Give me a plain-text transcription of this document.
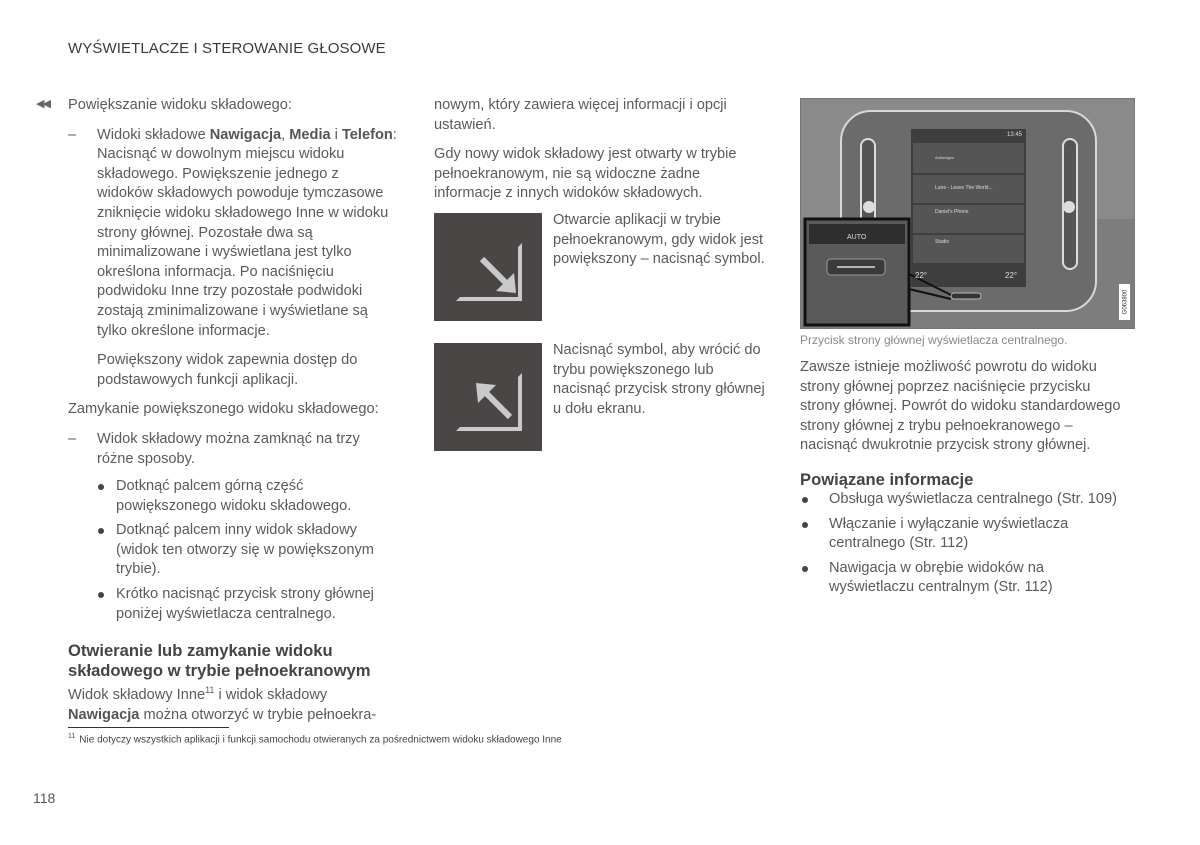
WYŚWIETLACZE I STEROWANIE GŁOSOWE
◀◀ Powiększanie widoku składowego:

– Widoki składowe Nawigacja, Media i Telefon: Nacisnąć w dowolnym miejscu widoku składowego. Powiększenie jednego z widoków składowych powoduje tymczasowe zniknięcie widoku składowego Inne w widoku strony głównej. Pozostałe dwa są minimalizowane i wyświetlana jest tylko określona informacja. Po naciśnięciu podwidoku Inne trzy pozostałe podwidoki zostają zminimalizowane i wyświetlane są tylko określone informacje.

Powiększony widok zapewnia dostęp do podstawowych funkcji aplikacji.

Zamykanie powiększonego widoku składowego:

– Widok składowy można zamknąć na trzy różne sposoby.
Dotknąć palcem górną część powiększonego widoku składowego.
Dotknąć palcem inny widok składowy (widok ten otworzy się w powiększonym trybie).
Krótko nacisnąć przycisk strony głównej poniżej wyświetlacza centralnego.
Otwieranie lub zamykanie widoku składowego w trybie pełnoekranowym
Widok składowy Inne$^{11}$ i widok składowy Nawigacja można otworzyć w trybie pełnoekra-

nowym, który zawiera więcej informacji i opcji ustawień.

Gdy nowy widok składowy jest otwarty w trybie pełnoekranowym, nie są widoczne żadne informacje z innych widoków składowych.

Otwarcie aplikacji w trybie pełnoekranowym, gdy widok jest powiększony – nacisnąć symbol.
Nacisnąć symbol, aby wrócić do trybu powiększonego lub nacisnąć przycisk strony głównej u dołu ekranu.
13:45
Anbindgen
Lune - Leave The World...
Daniel's Phone
Studio
22°	22°
AUTO
G063800
Przycisk strony głównej wyświetlacza centralnego.

Zawsze istnieje możliwość powrotu do widoku strony głównej poprzez naciśnięcie przycisku strony głównej. Powrót do widoku standardowego strony głównej z trybu pełnoekranowego – nacisnąć dwukrotnie przycisk strony głównej.

Powiązane informacje
Obsługa wyświetlacza centralnego (Str. 109)
Włączanie i wyłączanie wyświetlacza centralnego (Str. 112)
Nawigacja w obrębie widoków na wyświetlaczu centralnym (Str. 112)
$^{11}$ Nie dotyczy wszystkich aplikacji i funkcji samochodu otwieranych za pośrednictwem widoku składowego Inne
118
